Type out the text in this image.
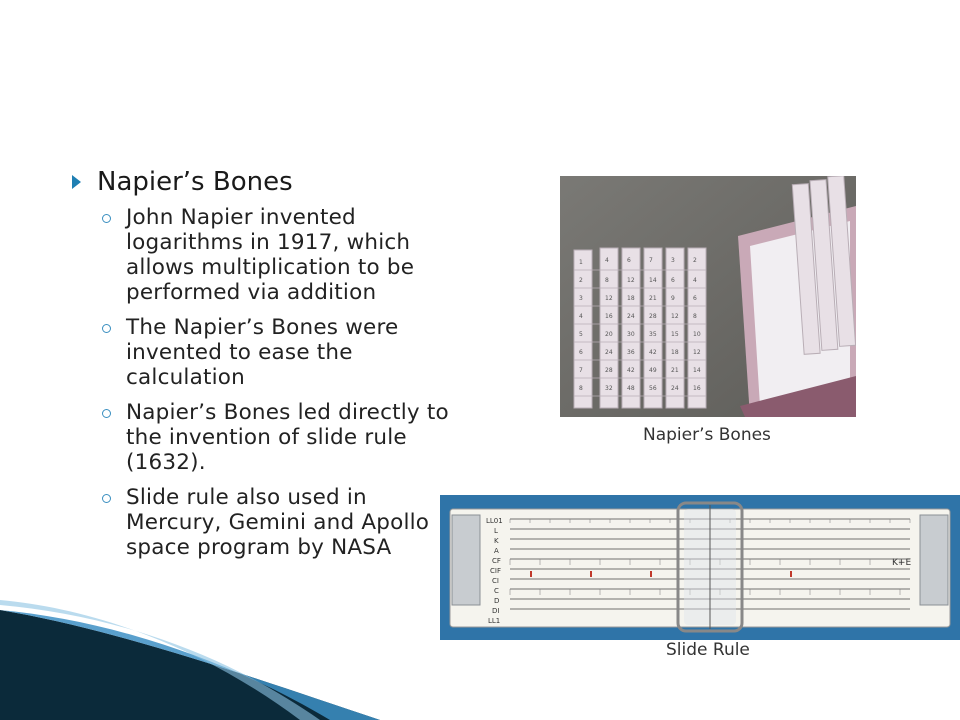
Napier’s Bones
John Napier invented logarithms in 1917, which allows multiplication to be performed via addition
The Napier’s Bones were invented to ease the calculation
Napier’s Bones led directly to the invention of slide rule (1632).
Slide rule also used in Mercury, Gemini and Apollo space program by NASA
1	4	6	7	3	2
2	8	12 14 6	4
3	12 18 21 9	6
4	16 24 28 12 8
5	20 30 35 15 10
6	24 36 42 18 12
7	28 42 49 21 14
8	32 48 56 24 16
Napier’s Bones
LL01
L
K
A
CF
CIF
CI
C
D
DI
LL1
K+E
Slide Rule
